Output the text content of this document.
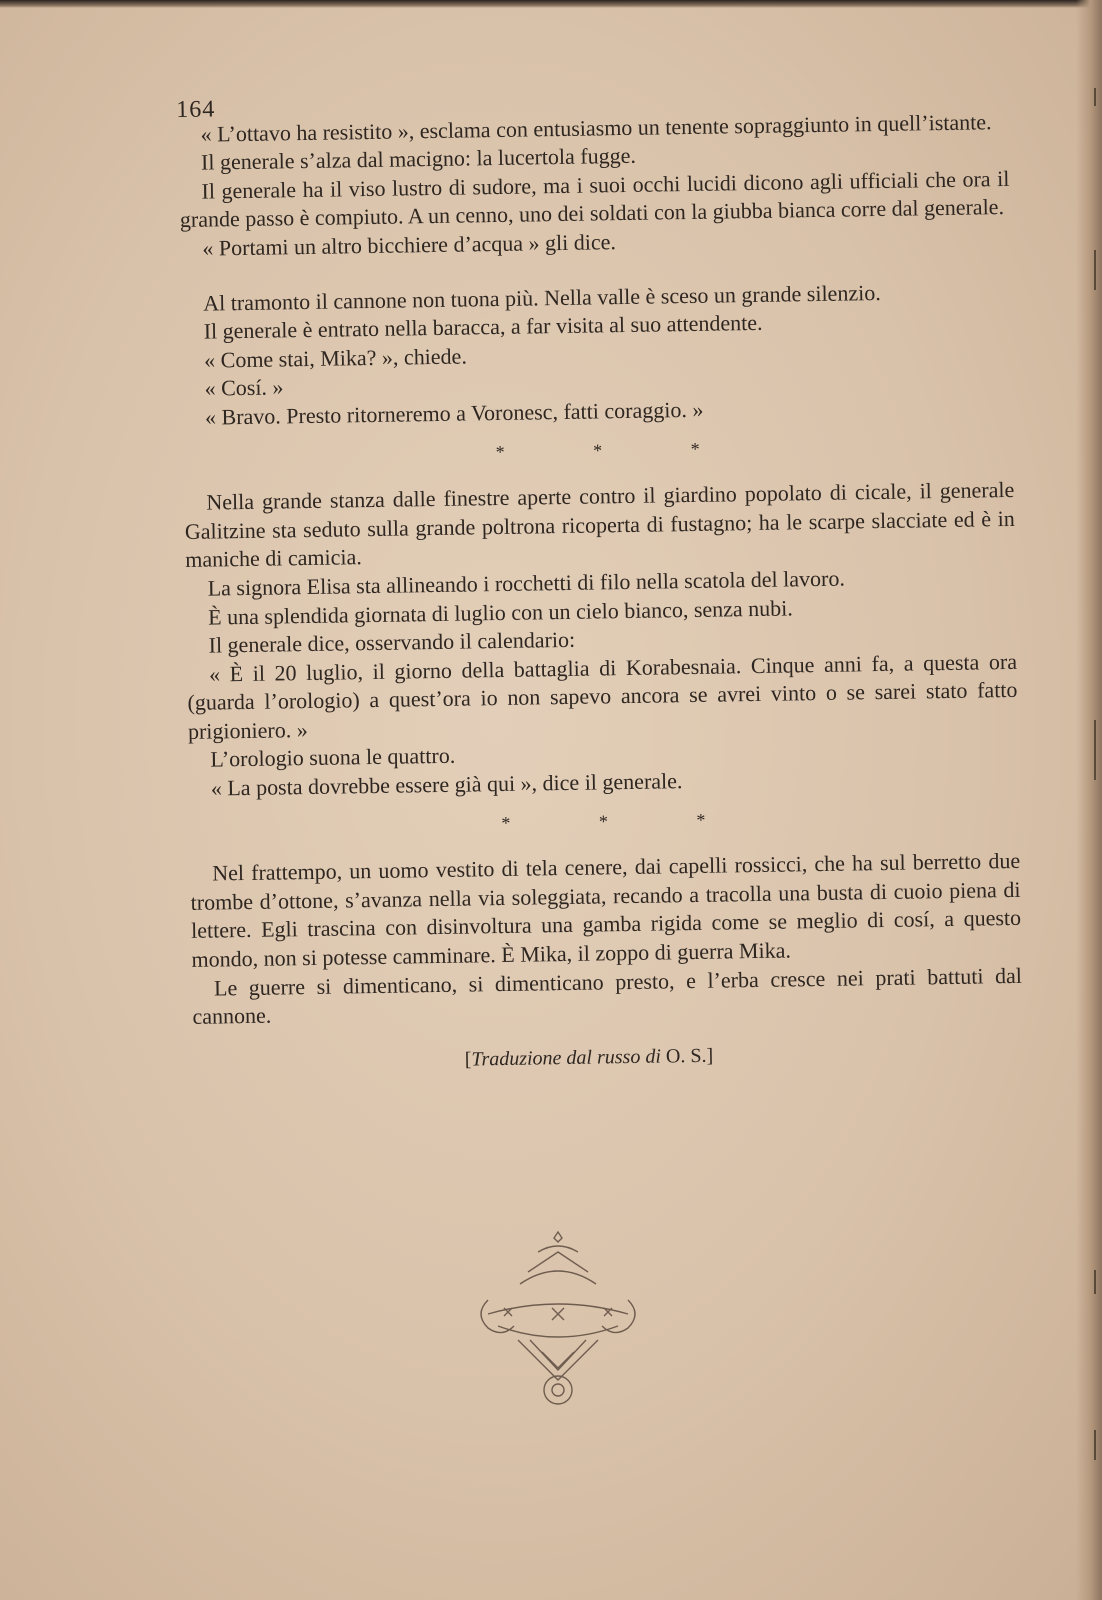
164

« L’ottavo ha resistito », esclama con entusiasmo un tenente sopraggiunto in quell’istante.

Il generale s’alza dal macigno: la lucertola fugge.

Il generale ha il viso lustro di sudore, ma i suoi occhi lucidi dicono agli ufficiali che ora il grande passo è compiuto. A un cenno, uno dei soldati con la giubba bianca corre dal generale.

« Portami un altro bicchiere d’acqua » gli dice.

Al tramonto il cannone non tuona più. Nella valle è sceso un grande silenzio.

Il generale è entrato nella baracca, a far visita al suo attendente.

« Come stai, Mika? », chiede.

« Cosí. »

« Bravo. Presto ritorneremo a Voronesc, fatti coraggio. »

* * *

Nella grande stanza dalle finestre aperte contro il giardino popolato di cicale, il generale Galitzine sta seduto sulla grande poltrona ricoperta di fustagno; ha le scarpe slacciate ed è in maniche di camicia.

La signora Elisa sta allineando i rocchetti di filo nella scatola del lavoro.

È una splendida giornata di luglio con un cielo bianco, senza nubi.

Il generale dice, osservando il calendario:

« È il 20 luglio, il giorno della battaglia di Korabesnaia. Cinque anni fa, a questa ora (guarda l’orologio) a quest’ora io non sapevo ancora se avrei vinto o se sarei stato fatto prigioniero. »

L’orologio suona le quattro.

« La posta dovrebbe essere già qui », dice il generale.

* * *

Nel frattempo, un uomo vestito di tela cenere, dai capelli rossicci, che ha sul berretto due trombe d’ottone, s’avanza nella via soleggiata, recando a tracolla una busta di cuoio piena di lettere. Egli trascina con disinvoltura una gamba rigida come se meglio di cosí, a questo mondo, non si potesse camminare. È Mika, il zoppo di guerra Mika.

Le guerre si dimenticano, si dimenticano presto, e l’erba cresce nei prati battuti dal cannone.

[Traduzione dal russo di O. S.]
